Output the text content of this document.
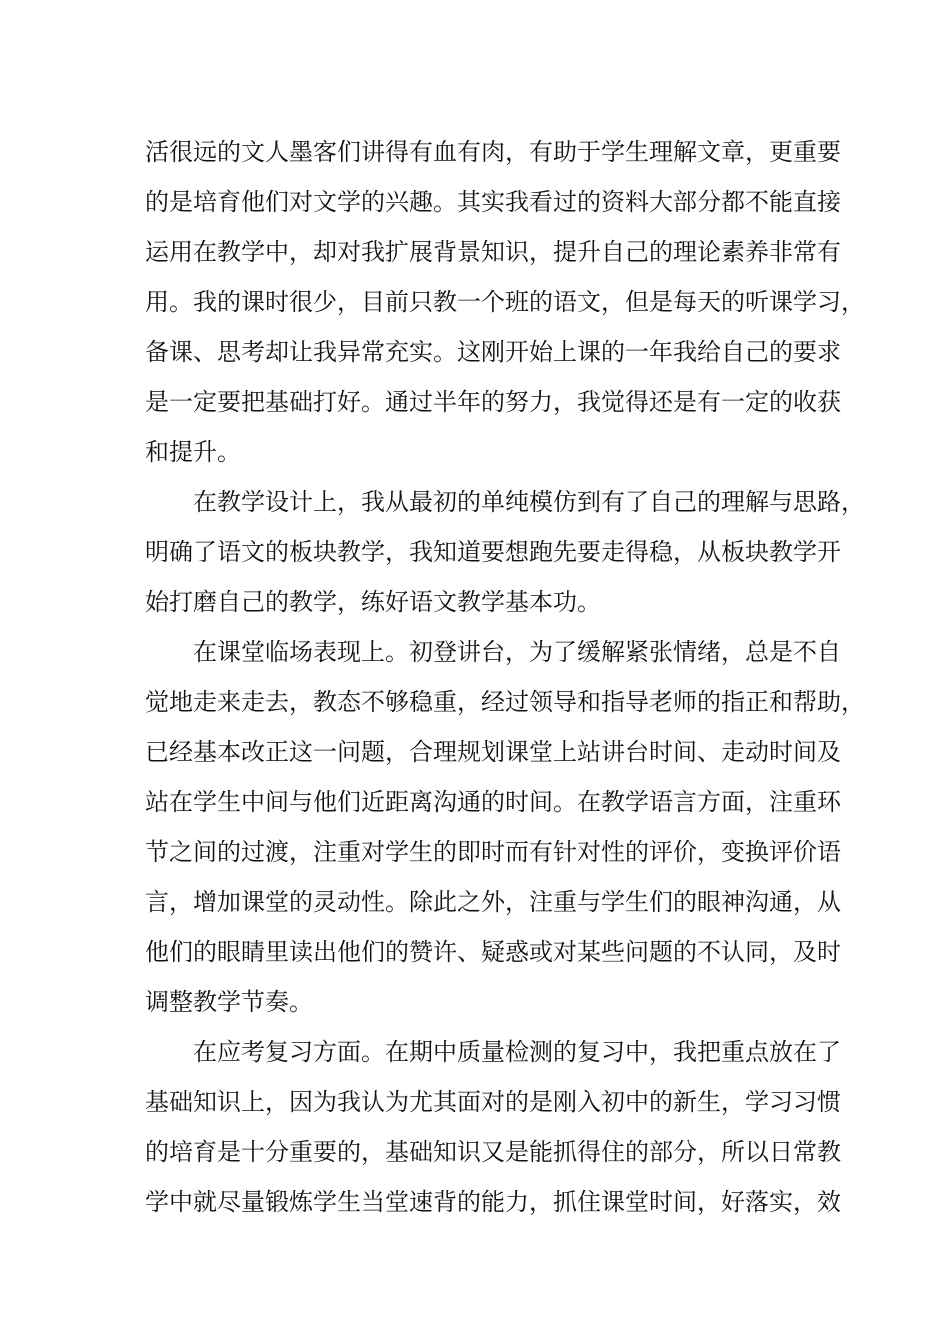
活很远的文人墨客们讲得有血有肉，有助于学生理解文章，更重要
的是培育他们对文学的兴趣。其实我看过的资料大部分都不能直接
运用在教学中，却对我扩展背景知识，提升自己的理论素养非常有
用。我的课时很少，目前只教一个班的语文，但是每天的听课学习，
备课、思考却让我异常充实。这刚开始上课的一年我给自己的要求
是一定要把基础打好。通过半年的努力，我觉得还是有一定的收获
和提升。
在教学设计上，我从最初的单纯模仿到有了自己的理解与思路，
明确了语文的板块教学，我知道要想跑先要走得稳，从板块教学开
始打磨自己的教学，练好语文教学基本功。
在课堂临场表现上。初登讲台，为了缓解紧张情绪，总是不自
觉地走来走去，教态不够稳重，经过领导和指导老师的指正和帮助，
已经基本改正这一问题，合理规划课堂上站讲台时间、走动时间及
站在学生中间与他们近距离沟通的时间。在教学语言方面，注重环
节之间的过渡，注重对学生的即时而有针对性的评价，变换评价语
言，增加课堂的灵动性。除此之外，注重与学生们的眼神沟通，从
他们的眼睛里读出他们的赞许、疑惑或对某些问题的不认同，及时
调整教学节奏。
在应考复习方面。在期中质量检测的复习中，我把重点放在了
基础知识上，因为我认为尤其面对的是刚入初中的新生，学习习惯
的培育是十分重要的，基础知识又是能抓得住的部分，所以日常教
学中就尽量锻炼学生当堂速背的能力，抓住课堂时间，好落实，效
